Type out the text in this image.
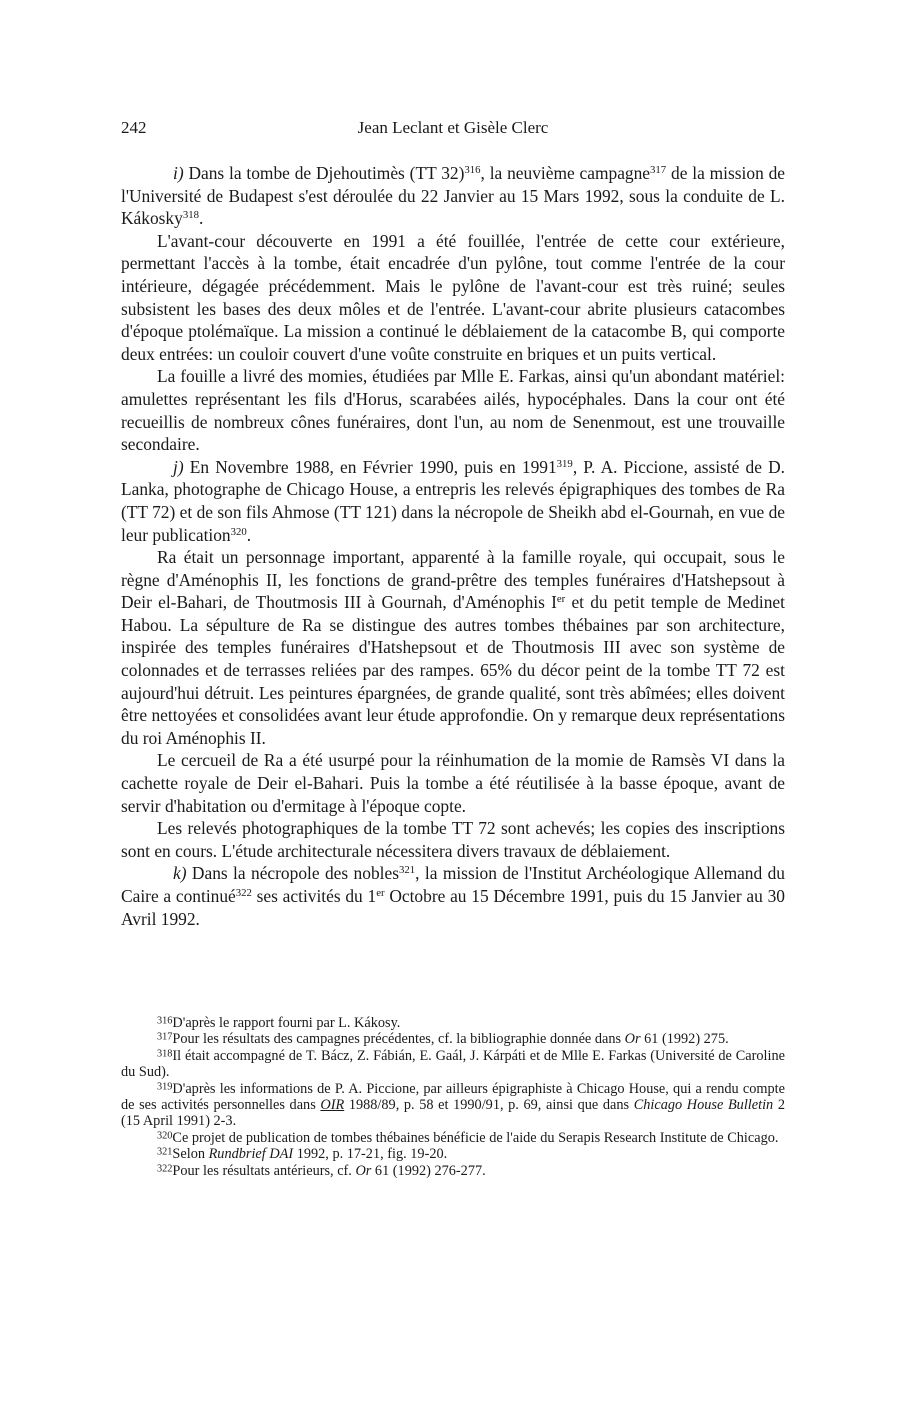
242	Jean Leclant et Gisèle Clerc

i) Dans la tombe de Djehoutimès (TT 32)$^{316}$, la neuvième campagne$^{317}$ de la mission de l'Université de Budapest s'est déroulée du 22 Janvier au 15 Mars 1992, sous la conduite de L. Kákosky$^{318}$.

L'avant-cour découverte en 1991 a été fouillée, l'entrée de cette cour extérieure, permettant l'accès à la tombe, était encadrée d'un pylône, tout comme l'entrée de la cour intérieure, dégagée précédemment. Mais le pylône de l'avant-cour est très ruiné; seules subsistent les bases des deux môles et de l'entrée. L'avant-cour abrite plusieurs catacombes d'époque ptolémaïque. La mission a continué le déblaiement de la catacombe B, qui comporte deux entrées: un couloir couvert d'une voûte construite en briques et un puits vertical.

La fouille a livré des momies, étudiées par Mlle E. Farkas, ainsi qu'un abondant matériel: amulettes représentant les fils d'Horus, scarabées ailés, hypocéphales. Dans la cour ont été recueillis de nombreux cônes funéraires, dont l'un, au nom de Senenmout, est une trouvaille secondaire.

j) En Novembre 1988, en Février 1990, puis en 1991$^{319}$, P. A. Piccione, assisté de D. Lanka, photographe de Chicago House, a entrepris les relevés épigraphiques des tombes de Ra (TT 72) et de son fils Ahmose (TT 121) dans la nécropole de Sheikh abd el-Gournah, en vue de leur publication$^{320}$.

Ra était un personnage important, apparenté à la famille royale, qui occupait, sous le règne d'Aménophis II, les fonctions de grand-prêtre des temples funéraires d'Hatshepsout à Deir el-Bahari, de Thoutmosis III à Gournah, d'Aménophis Ier et du petit temple de Medinet Habou. La sépulture de Ra se distingue des autres tombes thébaines par son architecture, inspirée des temples funéraires d'Hatshepsout et de Thoutmosis III avec son système de colonnades et de terrasses reliées par des rampes. 65% du décor peint de la tombe TT 72 est aujourd'hui détruit. Les peintures épargnées, de grande qualité, sont très abîmées; elles doivent être nettoyées et consolidées avant leur étude approfondie. On y remarque deux représentations du roi Aménophis II.

Le cercueil de Ra a été usurpé pour la réinhumation de la momie de Ramsès VI dans la cachette royale de Deir el-Bahari. Puis la tombe a été réutilisée à la basse époque, avant de servir d'habitation ou d'ermitage à l'époque copte.

Les relevés photographiques de la tombe TT 72 sont achevés; les copies des inscriptions sont en cours. L'étude architecturale nécessitera divers travaux de déblaiement.

k) Dans la nécropole des nobles$^{321}$, la mission de l'Institut Archéologique Allemand du Caire a continué$^{322}$ ses activités du 1er Octobre au 15 Décembre 1991, puis du 15 Janvier au 30 Avril 1992.

$^{316}$D'après le rapport fourni par L. Kákosy.

$^{317}$Pour les résultats des campagnes précédentes, cf. la bibliographie donnée dans Or 61 (1992) 275.

$^{318}$Il était accompagné de T. Bácz, Z. Fábián, E. Gaál, J. Kárpáti et de Mlle E. Farkas (Université de Caroline du Sud).

$^{319}$D'après les informations de P. A. Piccione, par ailleurs épigraphiste à Chicago House, qui a rendu compte de ses activités personnelles dans OIR 1988/89, p. 58 et 1990/91, p. 69, ainsi que dans Chicago House Bulletin 2 (15 April 1991) 2-3.

$^{320}$Ce projet de publication de tombes thébaines bénéficie de l'aide du Serapis Research Institute de Chicago.

$^{321}$Selon Rundbrief DAI 1992, p. 17-21, fig. 19-20.

$^{322}$Pour les résultats antérieurs, cf. Or 61 (1992) 276-277.
